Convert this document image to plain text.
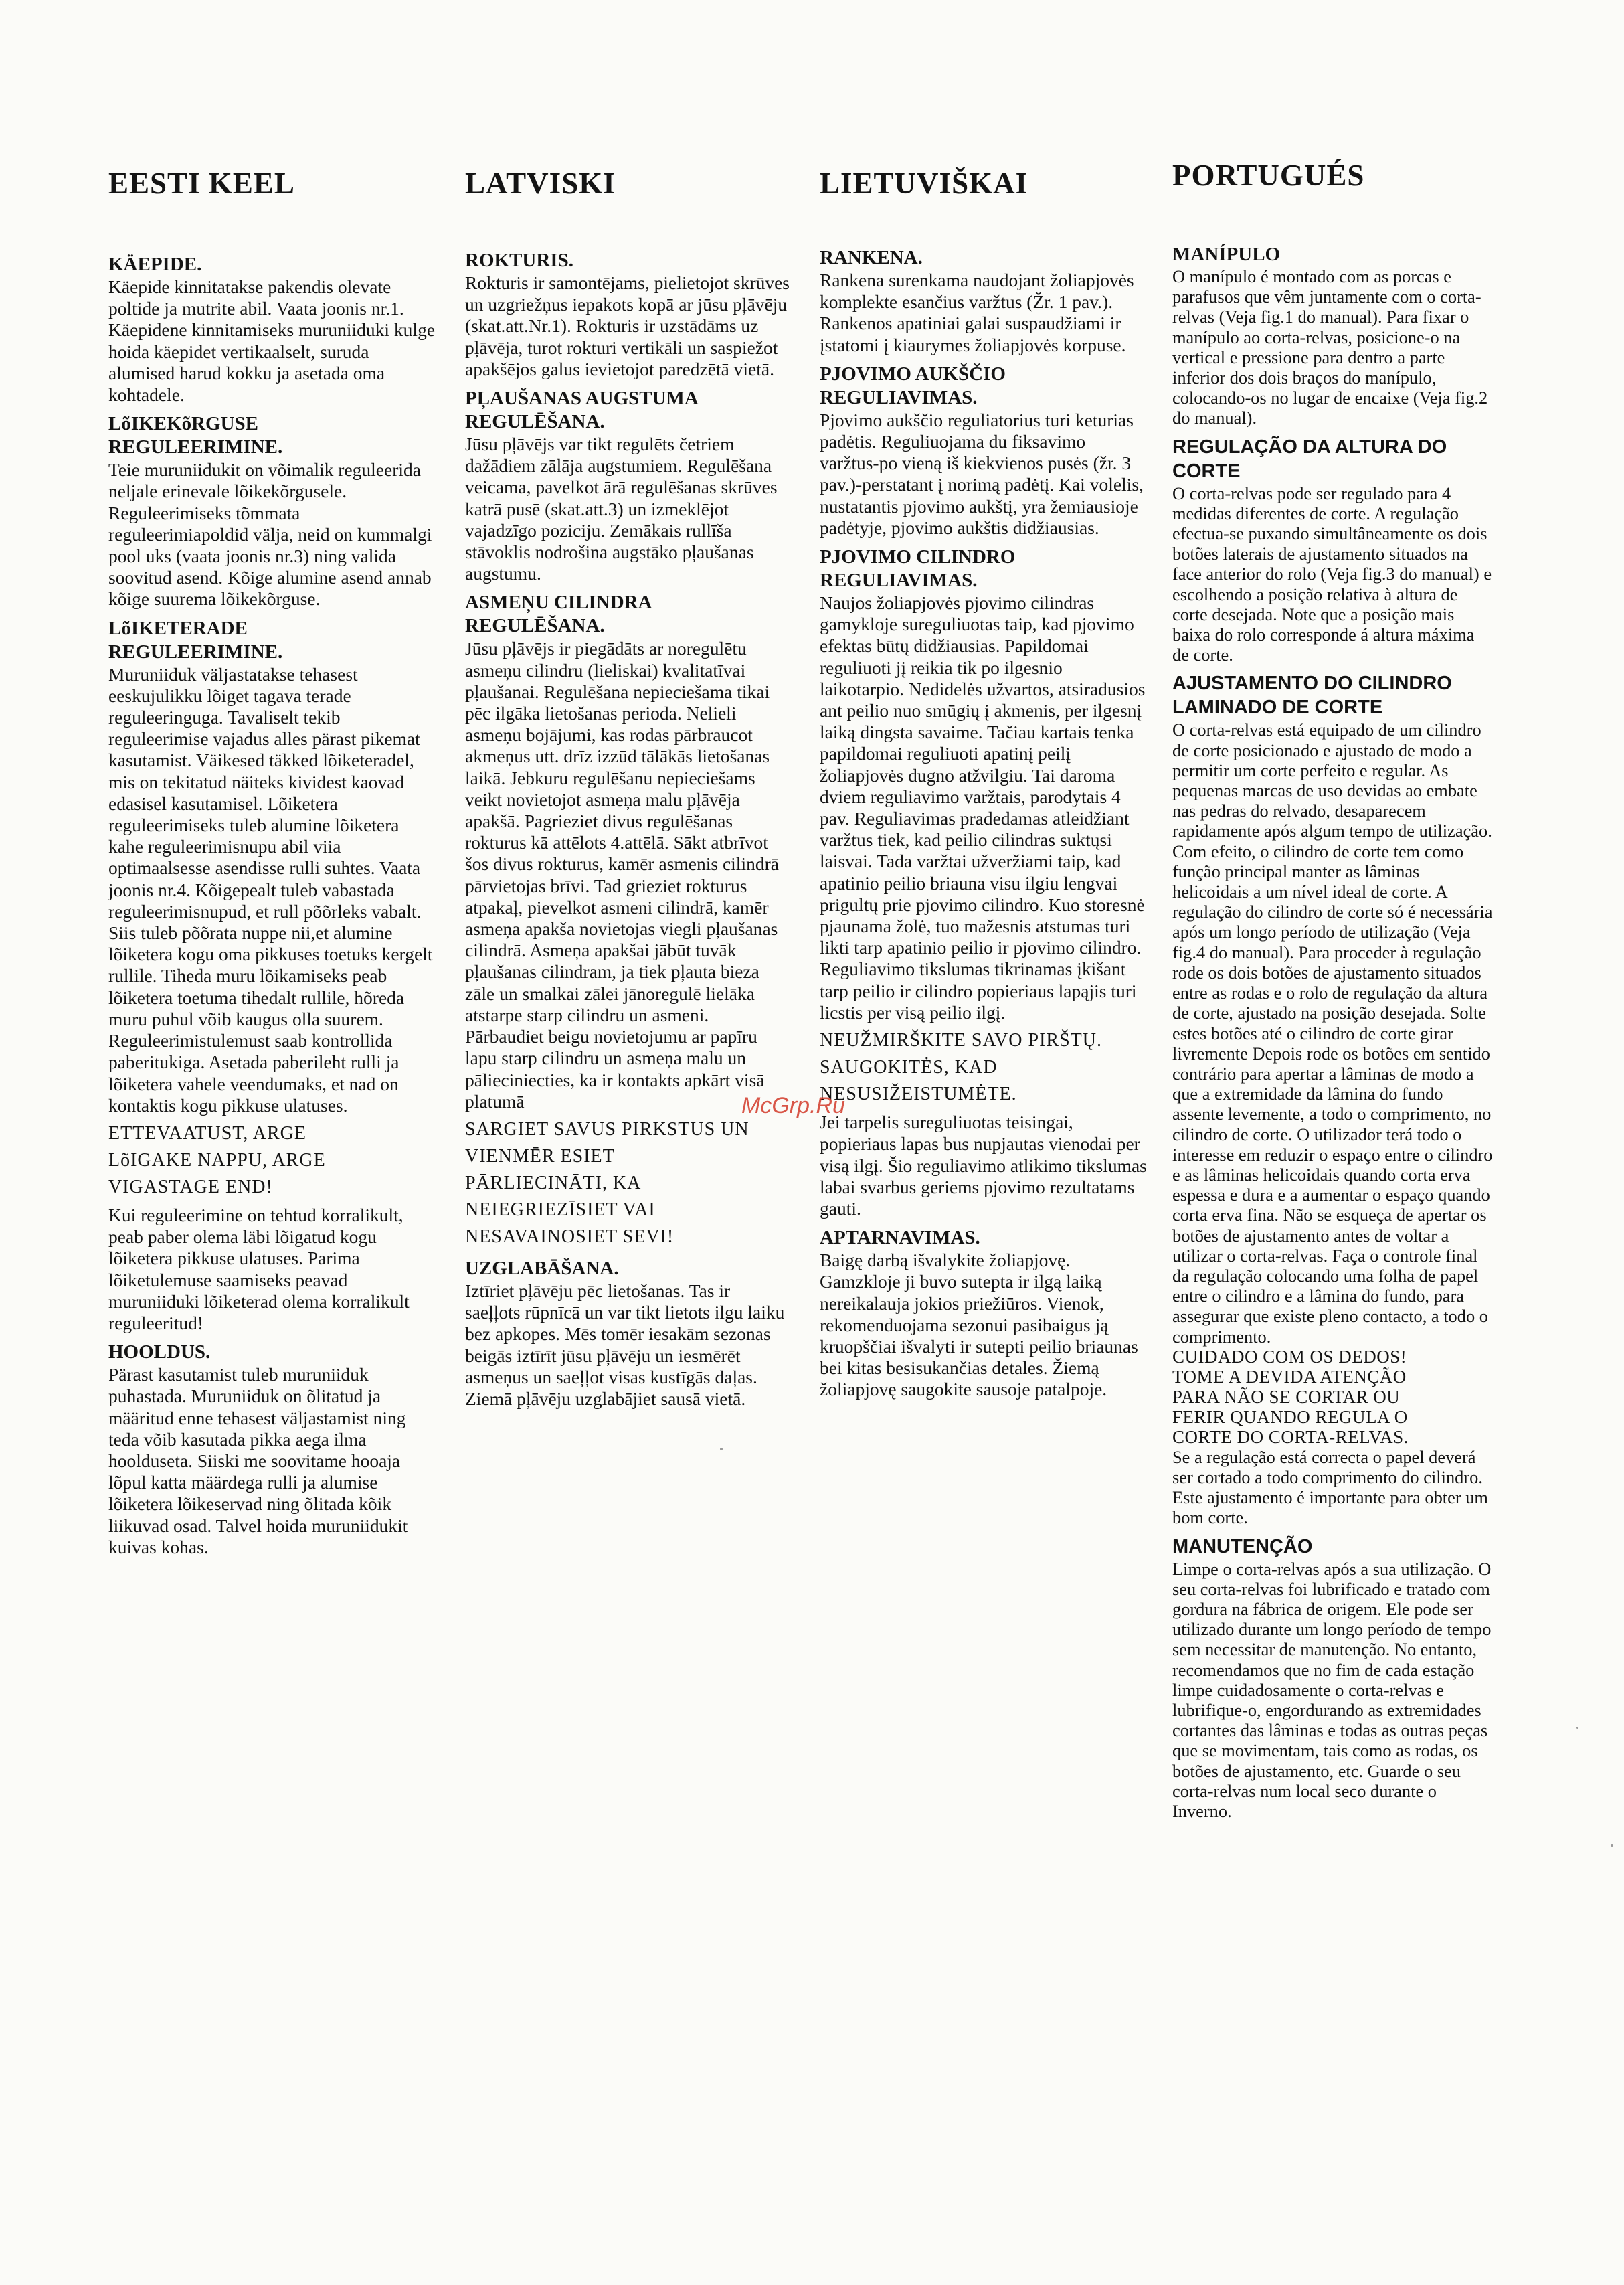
EESTI KEEL
KÄEPIDE.

Käepide kinnitatakse pakendis olevate poltide ja mutrite abil. Vaata joonis nr.1. Käepidene kinnitamiseks muruniiduki kulge hoida käepidet vertikaalselt, suruda alumised harud kokku ja asetada oma kohtadele.

LõIKEKõRGUSE
REGULEERIMINE.

Teie muruniidukit on võimalik reguleerida neljale erinevale lõikekõrgusele. Reguleerimiseks tõmmata reguleerimiapoldid välja, neid on kummalgi pool uks (vaata joonis nr.3) ning valida soovitud asend. Kõige alumine asend annab kõige suurema lõikekõrguse.

LõIKETERADE
REGULEERIMINE.

Muruniiduk väljastatakse tehasest eeskujulikku lõiget tagava terade reguleeringuga. Tavaliselt tekib reguleerimise vajadus alles pärast pikemat kasutamist. Väikesed täkked lõiketeradel, mis on tekitatud näiteks kividest kaovad edasisel kasutamisel. Lõiketera reguleerimiseks tuleb alumine lõiketera kahe reguleerimisnupu abil viia optimaalsesse asendisse rulli suhtes. Vaata joonis nr.4. Kõigepealt tuleb vabastada reguleerimisnupud, et rull põõrleks vabalt. Siis tuleb põõrata nuppe nii,et alumine lõiketera kogu oma pikkuses toetuks kergelt rullile. Tiheda muru lõikamiseks peab lõiketera toetuma tihedalt rullile, hõreda muru puhul võib kaugus olla suurem. Reguleerimistulemust saab kontrollida paberitukiga. Asetada paberileht rulli ja lõiketera vahele veendumaks, et nad on kontaktis kogu pikkuse ulatuses.

ETTEVAATUST, ARGE
LõIGAKE NAPPU, ARGE
VIGASTAGE END!

Kui reguleerimine on tehtud korralikult, peab paber olema läbi lõigatud kogu lõiketera pikkuse ulatuses. Parima lõiketulemuse saamiseks peavad muruniiduki lõiketerad olema korralikult reguleeritud!

HOOLDUS.

Pärast kasutamist tuleb muruniiduk puhastada. Muruniiduk on õlitatud ja määritud enne tehasest väljastamist ning teda võib kasutada pikka aega ilma hoolduseta. Siiski me soovitame hooaja lõpul katta määrdega rulli ja alumise lõiketera lõikeservad ning õlitada kõik liikuvad osad. Talvel hoida muruniidukit kuivas kohas.

LATVISKI
ROKTURIS.

Rokturis ir samontējams, pielietojot skrūves un uzgriežņus iepakots kopā ar jūsu pļāvēju (skat.att.Nr.1). Rokturis ir uzstādāms uz pļāvēja, turot rokturi vertikāli un saspiežot apakšējos galus ievietojot paredzētā vietā.

PĻAUŠANAS AUGSTUMA
REGULĒŠANA.

Jūsu pļāvējs var tikt regulēts četriem dažādiem zālāja augstumiem. Regulēšana veicama, pavelkot ārā regulēšanas skrūves katrā pusē (skat.att.3) un izmeklējot vajadzīgo poziciju. Zemākais rullīša stāvoklis nodrošina augstāko pļaušanas augstumu.

ASMEŅU CILINDRA
REGULĒŠANA.

Jūsu pļāvējs ir piegādāts ar noregulētu asmeņu cilindru (lieliskai) kvalitatīvai pļaušanai. Regulēšana nepieciešama tikai pēc ilgāka lietošanas perioda. Nelieli asmeņu bojājumi, kas rodas pārbraucot akmeņus utt. drīz izzūd tālākās lietošanas laikā. Jebkuru regulēšanu nepieciešams veikt novietojot asmeņa malu pļāvēja apakšā. Pagrieziet divus regulēšanas rokturus kā attēlots 4.attēlā. Sākt atbrīvot šos divus rokturus, kamēr asmenis cilindrā pārvietojas brīvi. Tad grieziet rokturus atpakaļ, pievelkot asmeni cilindrā, kamēr asmeņa apakša novietojas viegli pļaušanas cilindrā. Asmeņa apakšai jābūt tuvāk pļaušanas cilindram, ja tiek pļauta bieza zāle un smalkai zālei jānoregulē lielāka atstarpe starp cilindru un asmeni. Pārbaudiet beigu novietojumu ar papīru lapu starp cilindru un asmeņa malu un pālieciniecties, ka ir kontakts apkārt visā platumā

SARGIET SAVUS PIRKSTUS UN
VIENMĒR ESIET
PĀRLIECINĀTI, KA
NEIEGRIEZĪSIET VAI
NESAVAINOSIET SEVI!
UZGLABĀŠANA.

Iztīriet pļāvēju pēc lietošanas. Tas ir saeļļots rūpnīcā un var tikt lietots ilgu laiku bez apkopes. Mēs tomēr iesakām sezonas beigās iztīrīt jūsu pļāvēju un iesmērēt asmeņus un saeļļot visas kustīgās daļas. Ziemā pļāvēju uzglabājiet sausā vietā.

LIETUVIŠKAI
RANKENA.

Rankena surenkama naudojant žoliapjovės komplekte esančius varžtus (Žr. 1 pav.). Rankenos apatiniai galai suspaudžiami ir įstatomi į kiaurymes žoliapjovės korpuse.

PJOVIMO AUKŠČIO
REGULIAVIMAS.

Pjovimo aukščio reguliatorius turi keturias padėtis. Reguliuojama du fiksavimo varžtus-po vieną iš kiekvienos pusės (žr. 3 pav.)-perstatant į norimą padėtį. Kai volelis, nustatantis pjovimo aukštį, yra žemiausioje padėtyje, pjovimo aukštis didžiausias.

PJOVIMO CILINDRO
REGULIAVIMAS.

Naujos žoliapjovės pjovimo cilindras gamykloje sureguliuotas taip, kad pjovimo efektas būtų didžiausias. Papildomai reguliuoti jį reikia tik po ilgesnio laikotarpio. Nedidelės užvartos, atsiradusios ant peilio nuo smūgių į akmenis, per ilgesnį laiką dingsta savaime. Tačiau kartais tenka papildomai reguliuoti apatinį peilį žoliapjovės dugno atžvilgiu. Tai daroma dviem reguliavimo varžtais, parodytais 4 pav. Reguliavimas pradedamas atleidžiant varžtus tiek, kad peilio cilindras suktųsi laisvai. Tada varžtai užveržiami taip, kad apatinio peilio briauna visu ilgiu lengvai prigultų prie pjovimo cilindro. Kuo storesnė pjaunama žolė, tuo mažesnis atstumas turi likti tarp apatinio peilio ir pjovimo cilindro. Reguliavimo tikslumas tikrinamas įkišant tarp peilio ir cilindro popieriaus lapąjis turi licstis per visą peilio ilgį.

NEUŽMIRŠKITE SAVO PIRŠTŲ.
SAUGOKITĖS, KAD
NESUSIŽEISTUMĖTE.

Jei tarpelis sureguliuotas teisingai, popieriaus lapas bus nupjautas vienodai per visą ilgį. Šio reguliavimo atlikimo tikslumas labai svarbus geriems pjovimo rezultatams gauti.

APTARNAVIMAS.

Baigę darbą išvalykite žoliapjovę. Gamzkloje ji buvo sutepta ir ilgą laiką nereikalauja jokios priežiūros. Vienok, rekomenduojama sezonui pasibaigus ją kruopščiai išvalyti ir sutepti peilio briaunas bei kitas besisukančias detales. Žiemą žoliapjovę saugokite sausoje patalpoje.

PORTUGUÉS
MANÍPULO

O manípulo é montado com as porcas e parafusos que vêm juntamente com o corta-relvas (Veja fig.1 do manual). Para fixar o manípulo ao corta-relvas, posicione-o na vertical e pressione para dentro a parte inferior dos dois braços do manípulo, colocando-os no lugar de encaixe (Veja fig.2 do manual).

REGULAÇÃO DA ALTURA DO
CORTE

O corta-relvas pode ser regulado para 4 medidas diferentes de corte. A regulação efectua-se puxando simultâneamente os dois botões laterais de ajustamento situados na face anterior do rolo (Veja fig.3 do manual) e escolhendo a posição relativa à altura de corte desejada. Note que a posição mais baixa do rolo corresponde á altura máxima de corte.

AJUSTAMENTO DO CILINDRO
LAMINADO DE CORTE

O corta-relvas está equipado de um cilindro de corte posicionado e ajustado de modo a permitir um corte perfeito e regular. As pequenas marcas de uso devidas ao embate nas pedras do relvado, desaparecem rapidamente após algum tempo de utilização. Com efeito, o cilindro de corte tem como função principal manter as lâminas helicoidais a um nível ideal de corte. A regulação do cilindro de corte só é necessária após um longo período de utilização (Veja fig.4 do manual). Para proceder à regulação rode os dois botões de ajustamento situados entre as rodas e o rolo de regulação da altura de corte, ajustado na posição desejada. Solte estes botões até o cilindro de corte girar livremente Depois rode os botões em sentido contrário para apertar a lâminas de modo a que a extremidade da lâmina do fundo assente levemente, a todo o comprimento, no cilindro de corte. O utilizador terá todo o interesse em reduzir o espaço entre o cilindro e as lâminas helicoidais quando corta erva espessa e dura e a aumentar o espaço quando corta erva fina. Não se esqueça de apertar os botões de ajustamento antes de voltar a utilizar o corta-relvas. Faça o controle final da regulação colocando uma folha de papel entre o cilindro e a lâmina do fundo, para assegurar que existe pleno contacto, a todo o comprimento.

CUIDADO COM OS DEDOS!
TOME A DEVIDA ATENÇÃO
PARA NÃO SE CORTAR OU
FERIR QUANDO REGULA O
CORTE DO CORTA-RELVAS.

Se a regulação está correcta o papel deverá ser cortado a todo comprimento do cilindro. Este ajustamento é importante para obter um bom corte.

MANUTENÇÃO

Limpe o corta-relvas após a sua utilização. O seu corta-relvas foi lubrificado e tratado com gordura na fábrica de origem. Ele pode ser utilizado durante um longo período de tempo sem necessitar de manutenção. No entanto, recomendamos que no fim de cada estação limpe cuidadosamente o corta-relvas e lubrifique-o, engordurando as extremidades cortantes das lâminas e todas as outras peças que se movimentam, tais como as rodas, os botões de ajustamento, etc. Guarde o seu corta-relvas num local seco durante o Inverno.

McGrp.Ru
